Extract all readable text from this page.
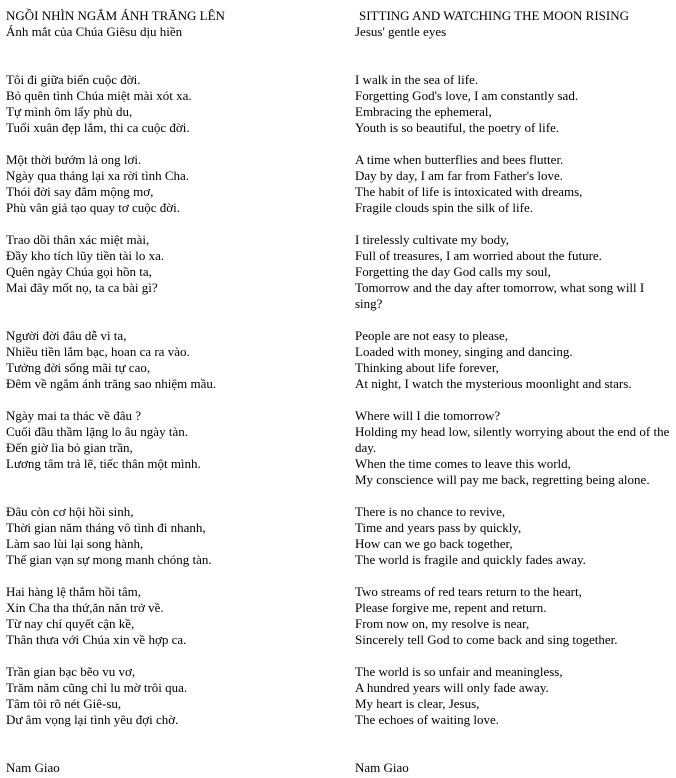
NGỒI NHÌN NGẮM ÁNH TRĂNG LÊN
Ánh mắt của Chúa Giêsu dịu hiền
Tôi đi giữa biển cuộc đời.
Bỏ quên tình Chúa miệt mài xót xa.
Tự mình ôm lấy phù du,
Tuổi xuân đẹp lắm, thi ca cuộc đời.
Một thời bướm lả ong lơi.
Ngày qua tháng lại xa rời tình Cha.
Thói đời say đắm mộng mơ,
Phù vân giả tạo quay tơ cuộc đời.
Trao dồi thân xác miệt mài,
Đầy kho tích lũy tiền tài lo xa.
Quên ngày Chúa gọi hồn ta,
Mai đây mốt nọ, ta ca bài gì?
Người đời đâu dễ vì ta,
Nhiều tiền lắm bạc, hoan ca ra vào.
Tưởng đời sống mãi tự cao,
Đêm về ngắm ánh trăng sao nhiệm mầu.
Ngày mai ta thác về đâu ?
Cuối đầu thầm lặng lo âu ngày tàn.
Đến giờ lìa bỏ gian trần,
Lương tâm trả lẽ, tiếc thân một mình.
Đâu còn cơ hội hồi sinh,
Thời gian năm tháng vô tình đi nhanh,
Làm sao lùi lại song hành,
Thế gian vạn sự mong manh chóng tàn.
Hai hàng lệ thắm hồi tâm,
Xin Cha tha thứ,ăn năn trở về.
Từ nay chí quyết cận kề,
Thân thưa với Chúa xin về hợp ca.
Trần gian bạc bẽo vu vơ,
Trăm năm cũng chỉ lu mờ trôi qua.
Tâm tôi rõ nét Giê-su,
Dư âm vọng lại tình yêu đợi chờ.
Nam Giao
SITTING AND WATCHING THE MOON RISING
Jesus' gentle eyes
I walk in the sea of life.
Forgetting God's love, I am constantly sad.
Embracing the ephemeral,
Youth is so beautiful, the poetry of life.
A time when butterflies and bees flutter.
Day by day, I am far from Father's love.
The habit of life is intoxicated with dreams,
Fragile clouds spin the silk of life.
I tirelessly cultivate my body,
Full of treasures, I am worried about the future.
Forgetting the day God calls my soul,
Tomorrow and the day after tomorrow, what song will I sing?
People are not easy to please,
Loaded with money, singing and dancing.
Thinking about life forever,
At night, I watch the mysterious moonlight and stars.
Where will I die tomorrow?
Holding my head low, silently worrying about the end of the day.
When the time comes to leave this world,
My conscience will pay me back, regretting being alone.
There is no chance to revive,
Time and years pass by quickly,
How can we go back together,
The world is fragile and quickly fades away.
Two streams of red tears return to the heart,
Please forgive me, repent and return.
From now on, my resolve is near,
Sincerely tell God to come back and sing together.
The world is so unfair and meaningless,
A hundred years will only fade away.
My heart is clear, Jesus,
The echoes of waiting love.
Nam Giao
